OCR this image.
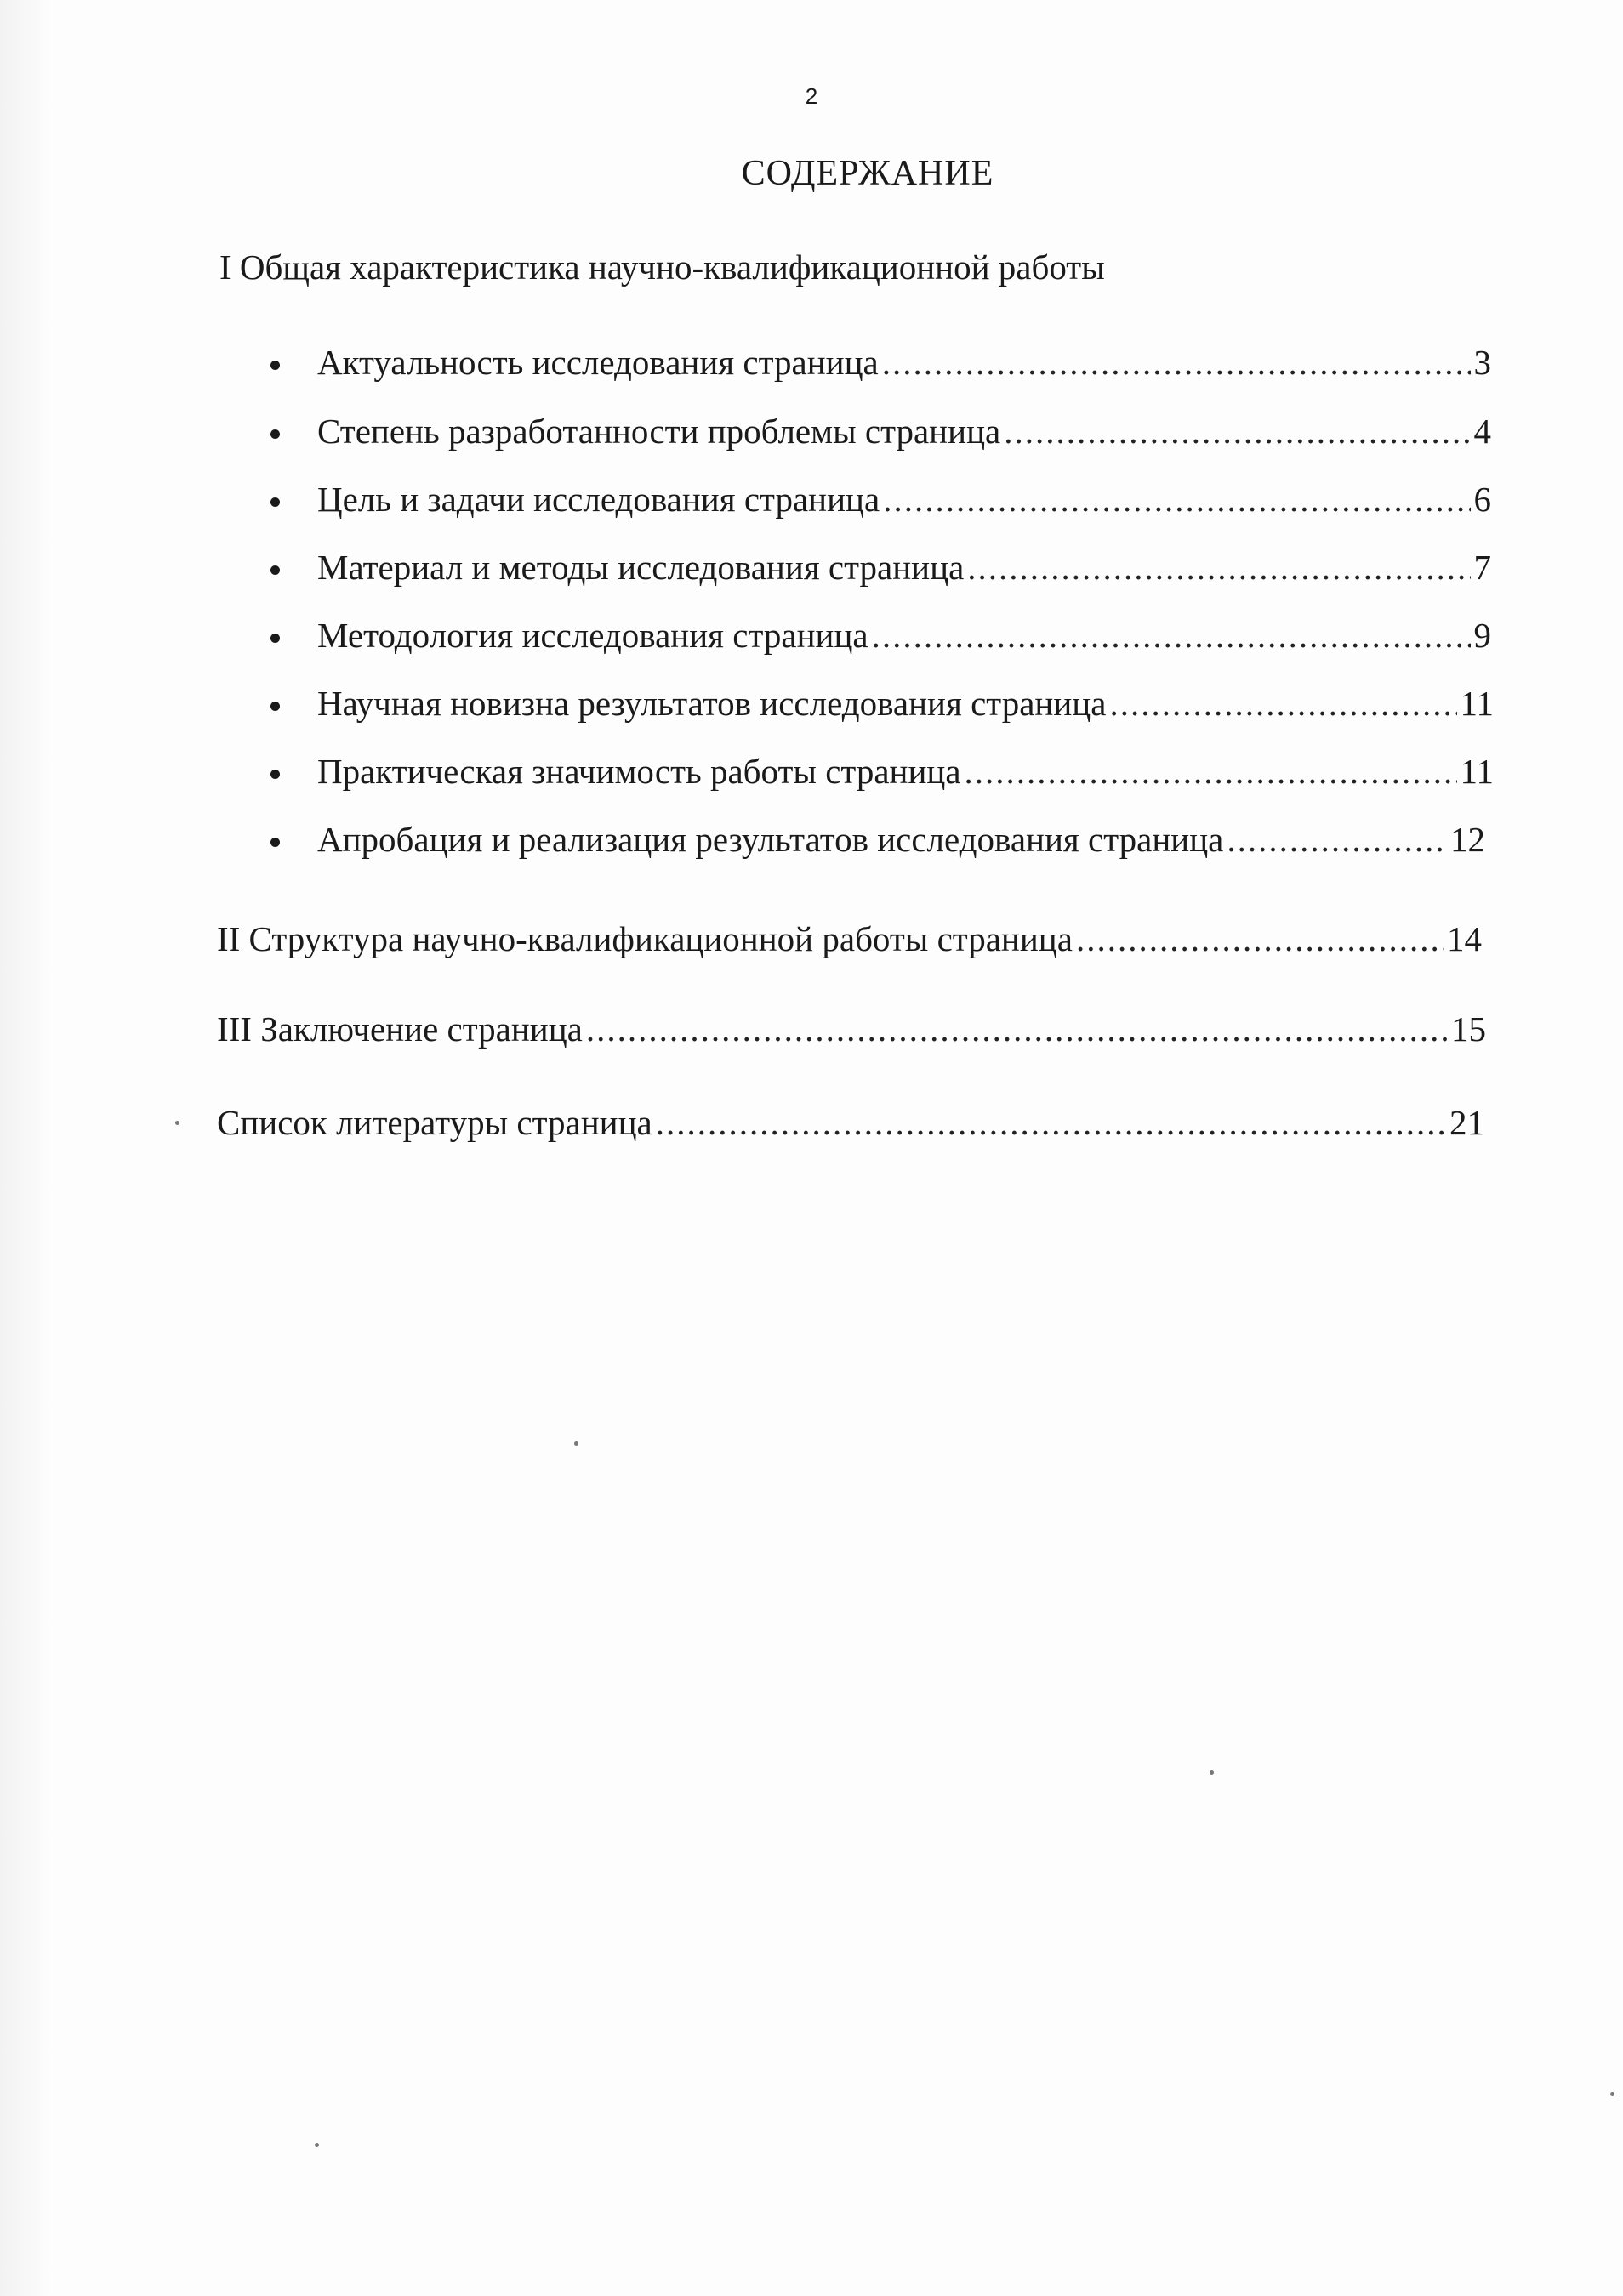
2
СОДЕРЖАНИЕ
I Общая характеристика научно-квалификационной работы
Актуальность исследования страница .....	3
Степень разработанности проблемы страница .....	4
Цель и задачи исследования страница .....	6
Материал и методы исследования страница .....	7
Методология исследования страница .....	9
Научная новизна результатов исследования страница .....	11
Практическая значимость работы страница .....	11
Апробация и реализация результатов исследования страница .....	12
II Структура научно-квалификационной работы страница .....	14
III Заключение страница .....	15
Список литературы страница .....	21
